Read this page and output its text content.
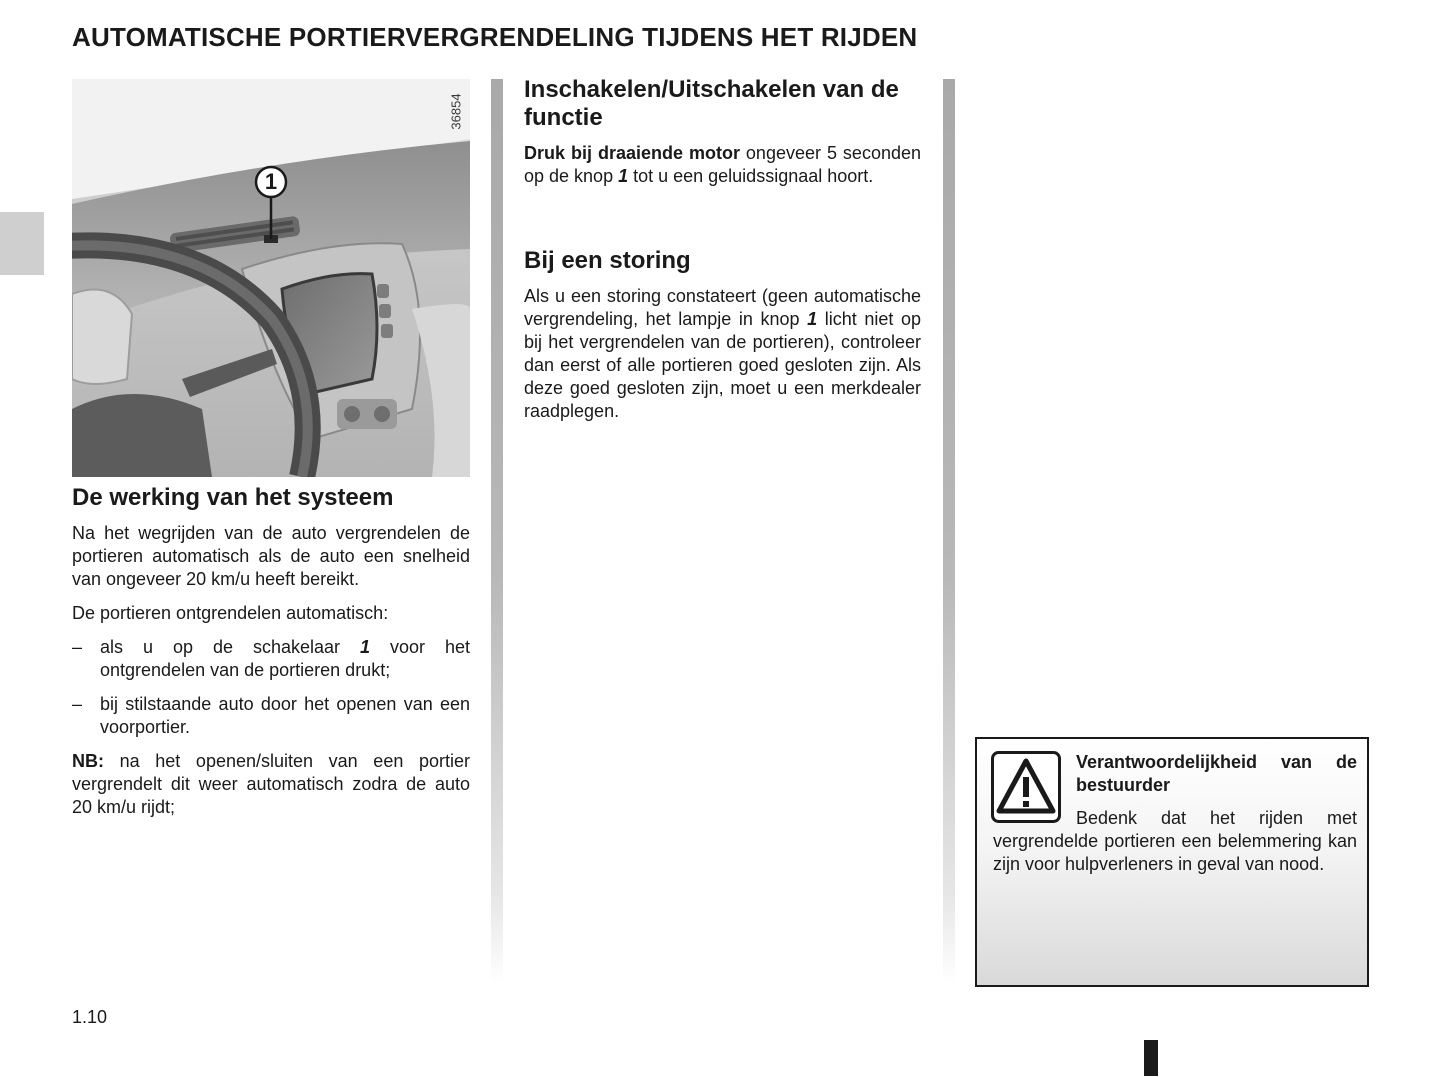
AUTOMATISCHE PORTIERVERGRENDELING TIJDENS HET RIJDEN
1
36854
De werking van het systeem

Na het wegrijden van de auto vergrendelen de portieren automatisch als de auto een snelheid van ongeveer 20 km/u heeft bereikt.

De portieren ontgrendelen automatisch:

– als u op de schakelaar 1 voor het ontgrendelen van de portieren drukt;
– bij stilstaande auto door het openen van een voorportier.

NB: na het openen/sluiten van een portier vergrendelt dit weer automatisch zodra de auto 20 km/u rijdt;

Inschakelen/Uitschakelen van de functie

Druk bij draaiende motor ongeveer 5 seconden op de knop 1 tot u een geluidssignaal hoort.

Bij een storing

Als u een storing constateert (geen automatische vergrendeling, het lampje in knop 1 licht niet op bij het vergrendelen van de portieren), controleer dan eerst of alle portieren goed gesloten zijn. Als deze goed gesloten zijn, moet u een merkdealer raadplegen.

Verantwoordelijkheid van de bestuurder
Bedenk dat het rijden met vergrendelde portieren een belemmering kan zijn voor hulpverleners in geval van nood.
1.10
